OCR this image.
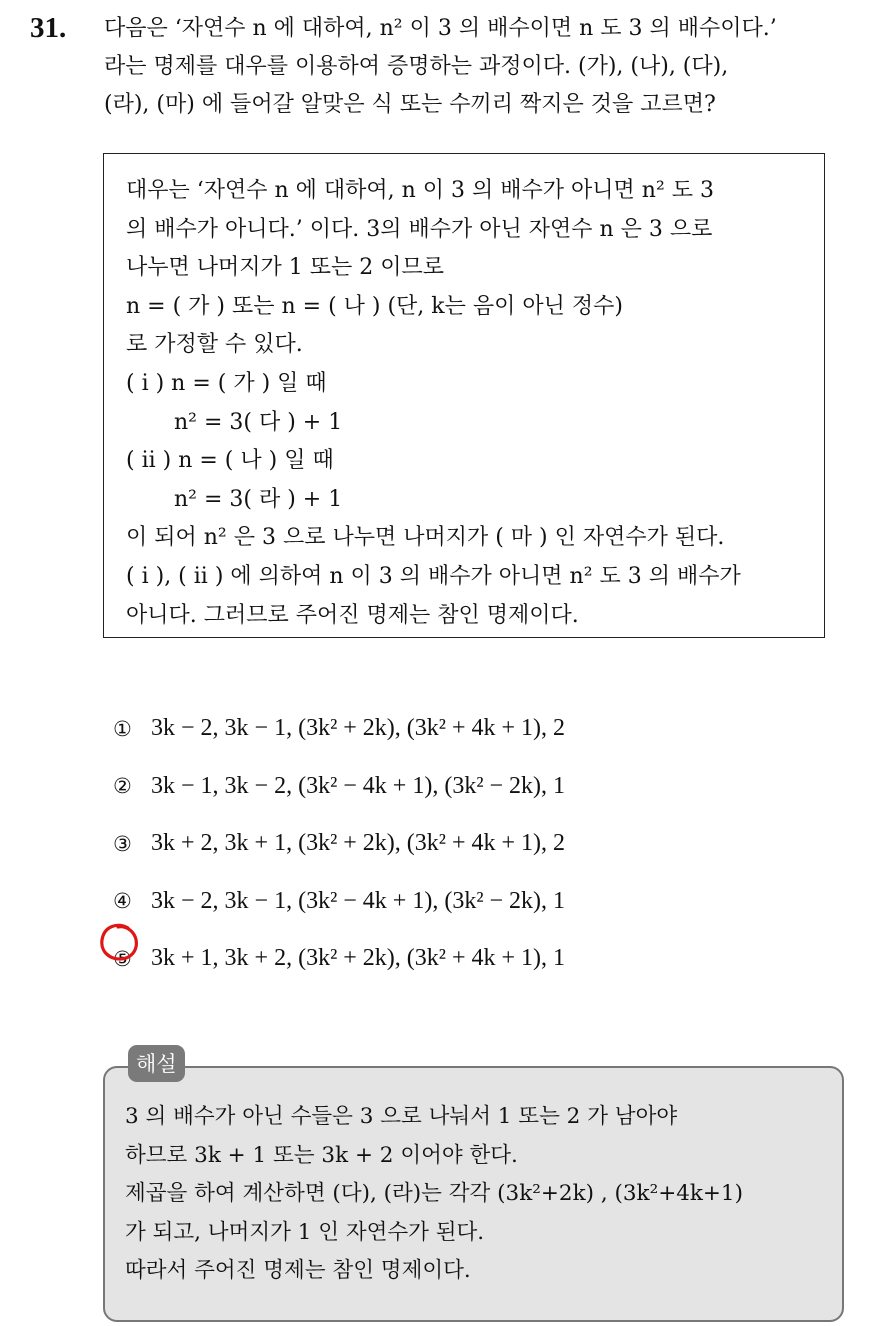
31. 다음은 ‘자연수 n 에 대하여, n² 이 3 의 배수이면 n 도 3 의 배수이다.’
라는 명제를 대우를 이용하여 증명하는 과정이다. (가), (나), (다),
(라), (마) 에 들어갈 알맞은 식 또는 수끼리 짝지은 것을 고르면?
대우는 ‘자연수 n 에 대하여, n 이 3 의 배수가 아니면 n² 도 3
의 배수가 아니다.’ 이다. 3의 배수가 아닌 자연수 n 은 3 으로
나누면 나머지가 1 또는 2 이므로
n = ( 가 ) 또는 n = ( 나 ) (단, k는 음이 아닌 정수)
로 가정할 수 있다.
( i ) n = ( 가 ) 일 때
n² = 3( 다 ) + 1
( ii ) n = ( 나 ) 일 때
n² = 3( 라 ) + 1
이 되어 n² 은 3 으로 나누면 나머지가 ( 마 ) 인 자연수가 된다.
( i ), ( ii ) 에 의하여 n 이 3 의 배수가 아니면 n² 도 3 의 배수가
아니다. 그러므로 주어진 명제는 참인 명제이다.
① 3k − 2, 3k − 1, (3k² + 2k), (3k² + 4k + 1), 2
② 3k − 1, 3k − 2, (3k² − 4k + 1), (3k² − 2k), 1
③ 3k + 2, 3k + 1, (3k² + 2k), (3k² + 4k + 1), 2
④ 3k − 2, 3k − 1, (3k² − 4k + 1), (3k² − 2k), 1
⑤ 3k + 1, 3k + 2, (3k² + 2k), (3k² + 4k + 1), 1
3 의 배수가 아닌 수들은 3 으로 나눠서 1 또는 2 가 남아야
하므로 3k + 1 또는 3k + 2 이어야 한다.
제곱을 하여 계산하면 (다), (라)는 각각 (3k²+2k) , (3k²+4k+1)
가 되고, 나머지가 1 인 자연수가 된다.
따라서 주어진 명제는 참인 명제이다.
해설
